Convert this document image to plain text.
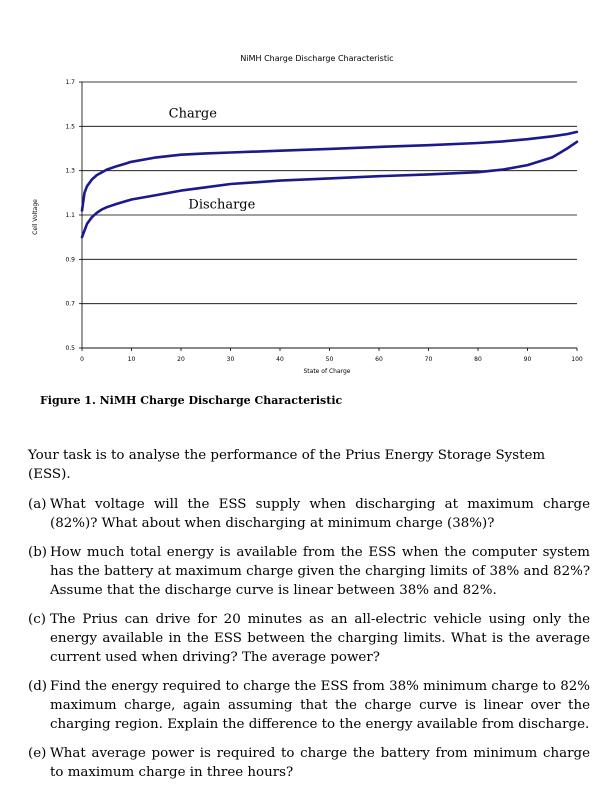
NiMH Charge Discharge Characteristic
1.7
1.5
1.3
1.1
0.9
0.7
0.5
0	10	20	30	40	50	60	70	80	90	100
Charge
Discharge
State of Charge
Cell Voltage
Figure 1. NiMH Charge Discharge Characteristic

Your task is to analyse the performance of the Prius Energy Storage System (ESS).

(a) What voltage will the ESS supply when discharging at maximum charge (82%)? What about when discharging at minimum charge (38%)?
(b) How much total energy is available from the ESS when the computer system has the battery at maximum charge given the charging limits of 38% and 82%? Assume that the discharge curve is linear between 38% and 82%.
(c) The Prius can drive for 20 minutes as an all-electric vehicle using only the energy available in the ESS between the charging limits. What is the average current used when driving? The average power?
(d) Find the energy required to charge the ESS from 38% minimum charge to 82% maximum charge, again assuming that the charge curve is linear over the charging region. Explain the difference to the energy available from discharge.
(e) What average power is required to charge the battery from minimum charge to maximum charge in three hours?
